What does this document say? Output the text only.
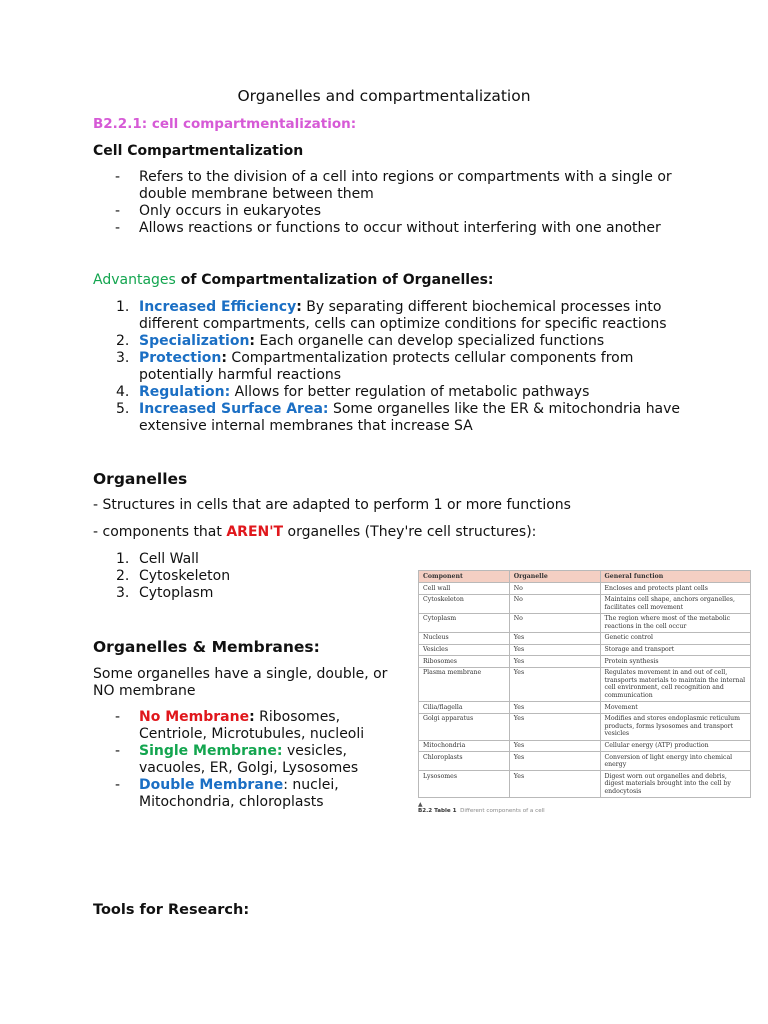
Organelles and compartmentalization
B2.2.1: cell compartmentalization:
Cell Compartmentalization
- Refers to the division of a cell into regions or compartments with a single or double membrane between them
- Only occurs in eukaryotes
- Allows reactions or functions to occur without interfering with one another
Advantages of Compartmentalization of Organelles:
1. Increased Efficiency: By separating different biochemical processes into different compartments, cells can optimize conditions for specific reactions
2. Specialization: Each organelle can develop specialized functions
3. Protection: Compartmentalization protects cellular components from potentially harmful reactions
4. Regulation: Allows for better regulation of metabolic pathways
5. Increased Surface Area: Some organelles like the ER & mitochondria have extensive internal membranes that increase SA
Organelles
- Structures in cells that are adapted to perform 1 or more functions
- components that AREN'T organelles (They're cell structures):
1. Cell Wall
2. Cytoskeleton
3. Cytoplasm
Organelles & Membranes:
Some organelles have a single, double, or NO membrane
- No Membrane: Ribosomes, Centriole, Microtubules, nucleoli
- Single Membrane: vesicles, vacuoles, ER, Golgi, Lysosomes
- Double Membrane: nuclei, Mitochondria, chloroplasts
Component	Organelle	General function
Cell wall	No	Encloses and protects plant cells
Cytoskeleton	No	Maintains cell shape, anchors organelles, facilitates cell movement
Cytoplasm	No	The region where most of the metabolic reactions in the cell occur
Nucleus	Yes	Genetic control
Vesicles	Yes	Storage and transport
Ribosomes	Yes	Protein synthesis
Plasma membrane	Yes	Regulates movement in and out of cell, transports materials to maintain the internal cell environment, cell recognition and communication
Cilia/flagella	Yes	Movement
Golgi apparatus	Yes	Modifies and stores endoplasmic reticulum products, forms lysosomes and transport vesicles
Mitochondria	Yes	Cellular energy (ATP) production
Chloroplasts	Yes	Conversion of light energy into chemical energy
Lysosomes	Yes	Digest worn out organelles and debris, digest materials brought into the cell by endocytosis
▲
B2.2 Table 1 Different components of a cell
Tools for Research:
